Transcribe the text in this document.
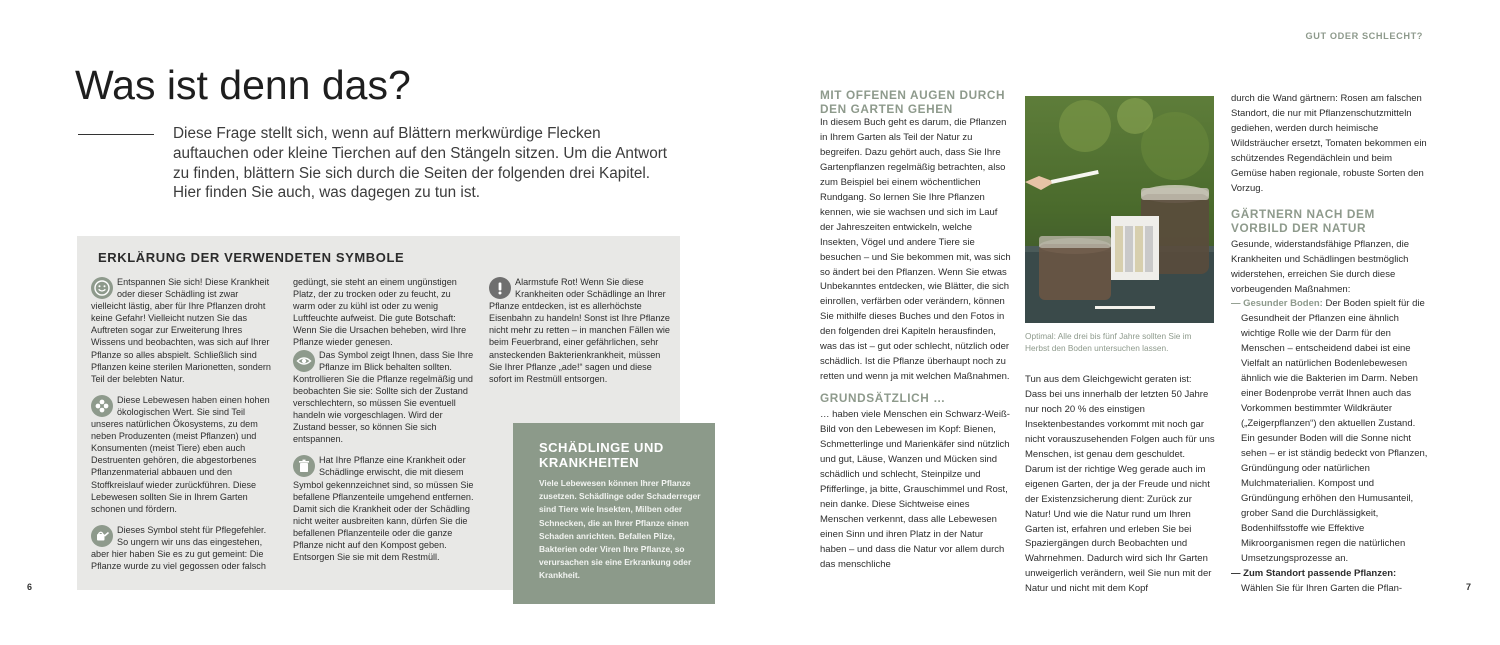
Was ist denn das?

Diese Frage stellt sich, wenn auf Blättern merkwürdige Flecken auftauchen oder kleine Tierchen auf den Stängeln sitzen. Um die Antwort zu finden, blättern Sie sich durch die Seiten der folgenden drei Kapitel. Hier finden Sie auch, was dagegen zu tun ist.

ERKLÄRUNG DER VERWENDETEN SYMBOLE

Entspannen Sie sich! Diese Krankheit oder dieser Schädling ist zwar vielleicht lästig, aber für Ihre Pflanzen droht keine Gefahr! Vielleicht nutzen Sie das Auftreten sogar zur Erweiterung Ihres Wissens und beobachten, was sich auf Ihrer Pflanze so alles abspielt. Schließlich sind Pflanzen keine sterilen Marionetten, sondern Teil der belebten Natur.

Diese Lebewesen haben einen hohen ökologischen Wert. Sie sind Teil unseres natürlichen Ökosystems, zu dem neben Produzenten (meist Pflanzen) und Konsumenten (meist Tiere) eben auch Destruenten gehören, die abgestorbenes Pflanzenmaterial abbauen und den Stoffkreislauf wieder zurückführen. Diese Lebewesen sollten Sie in Ihrem Garten schonen und fördern.

Dieses Symbol steht für Pflegefehler. So ungern wir uns das eingestehen, aber hier haben Sie es zu gut gemeint: Die Pflanze wurde zu viel gegossen oder falsch

gedüngt, sie steht an einem ungünstigen Platz, der zu trocken oder zu feucht, zu warm oder zu kühl ist oder zu wenig Luftfeuchte aufweist. Die gute Botschaft: Wenn Sie die Ursachen beheben, wird Ihre Pflanze wieder genesen.

Das Symbol zeigt Ihnen, dass Sie Ihre Pflanze im Blick behalten sollten. Kontrollieren Sie die Pflanze regelmäßig und beobachten Sie sie: Sollte sich der Zustand verschlechtern, so müssen Sie eventuell handeln wie vorgeschlagen. Wird der Zustand besser, so können Sie sich entspannen.

Hat Ihre Pflanze eine Krankheit oder Schädlinge erwischt, die mit diesem Symbol gekennzeichnet sind, so müssen Sie befallene Pflanzenteile umgehend entfernen. Damit sich die Krankheit oder der Schädling nicht weiter ausbreiten kann, dürfen Sie die befallenen Pflanzenteile oder die ganze Pflanze nicht auf den Kompost geben. Entsorgen Sie sie mit dem Restmüll.

Alarmstufe Rot! Wenn Sie diese Krankheiten oder Schädlinge an Ihrer Pflanze entdecken, ist es allerhöchste Eisenbahn zu handeln! Sonst ist Ihre Pflanze nicht mehr zu retten – in manchen Fällen wie beim Feuerbrand, einer gefährlichen, sehr ansteckenden Bakterienkrankheit, müssen Sie Ihrer Pflanze „ade!“ sagen und diese sofort im Restmüll entsorgen.

SCHÄDLINGE UND KRANKHEITEN

Viele Lebewesen können Ihrer Pflanze zusetzen. Schädlinge oder Schaderreger sind Tiere wie Insekten, Milben oder Schnecken, die an Ihrer Pflanze einen Schaden anrichten. Befallen Pilze, Bakterien oder Viren Ihre Pflanze, so verursachen sie eine Erkrankung oder Krankheit.

6
GUT ODER SCHLECHT?
MIT OFFENEN AUGEN DURCH DEN GARTEN GEHEN

In diesem Buch geht es darum, die Pflanzen in Ihrem Garten als Teil der Natur zu begreifen. Dazu gehört auch, dass Sie Ihre Gartenpflanzen regelmäßig betrachten, also zum Beispiel bei einem wöchentlichen Rundgang. So lernen Sie Ihre Pflanzen kennen, wie sie wachsen und sich im Lauf der Jahreszeiten entwickeln, welche Insekten, Vögel und andere Tiere sie besuchen – und Sie bekommen mit, was sich so ändert bei den Pflanzen. Wenn Sie etwas Unbekanntes entdecken, wie Blätter, die sich einrollen, verfärben oder verändern, können Sie mithilfe dieses Buches und den Fotos in den folgenden drei Kapiteln herausfinden, was das ist – gut oder schlecht, nützlich oder schädlich. Ist die Pflanze überhaupt noch zu retten und wenn ja mit welchen Maßnahmen.

GRUNDSÄTZLICH …

… haben viele Menschen ein Schwarz-Weiß-Bild von den Lebewesen im Kopf: Bienen, Schmetterlinge und Marienkäfer sind nützlich und gut, Läuse, Wanzen und Mücken sind schädlich und schlecht, Steinpilze und Pfifferlinge, ja bitte, Grauschimmel und Rost, nein danke. Diese Sichtweise eines Menschen verkennt, dass alle Lebewesen einen Sinn und ihren Platz in der Natur haben – und dass die Natur vor allem durch das menschliche

Optimal: Alle drei bis fünf Jahre sollten Sie im Herbst den Boden untersuchen lassen.

Tun aus dem Gleichgewicht geraten ist: Dass bei uns innerhalb der letzten 50 Jahre nur noch 20 % des einstigen Insektenbestandes vorkommt mit noch gar nicht vorauszusehenden Folgen auch für uns Menschen, ist genau dem geschuldet. Darum ist der richtige Weg gerade auch im eigenen Garten, der ja der Freude und nicht der Existenzsicherung dient: Zurück zur Natur! Und wie die Natur rund um Ihren Garten ist, erfahren und erleben Sie bei Spaziergängen durch Beobachten und Wahrnehmen. Dadurch wird sich Ihr Garten unweigerlich verändern, weil Sie nun mit der Natur und nicht mit dem Kopf

durch die Wand gärtnern: Rosen am falschen Standort, die nur mit Pflanzenschutzmitteln gediehen, werden durch heimische Wildsträucher ersetzt, Tomaten bekommen ein schützendes Regendächlein und beim Gemüse haben regionale, robuste Sorten den Vorzug.

GÄRTNERN NACH DEM VORBILD DER NATUR

Gesunde, widerstandsfähige Pflanzen, die Krankheiten und Schädlingen bestmöglich widerstehen, erreichen Sie durch diese vorbeugenden Maßnahmen:

— Gesunder Boden: Der Boden spielt für die Gesundheit der Pflanzen eine ähnlich wichtige Rolle wie der Darm für den Menschen – entscheidend dabei ist eine Vielfalt an natürlichen Bodenlebewesen ähnlich wie die Bakterien im Darm. Neben einer Bodenprobe verrät Ihnen auch das Vorkommen bestimmter Wildkräuter („Zeigerpflanzen“) den aktuellen Zustand. Ein gesunder Boden will die Sonne nicht sehen – er ist ständig bedeckt von Pflanzen, Gründüngung oder natürlichen Mulchmaterialien. Kompost und Gründüngung erhöhen den Humusanteil, grober Sand die Durchlässigkeit, Bodenhilfsstoffe wie Effektive Mikroorganismen regen die natürlichen Umsetzungsprozesse an.

— Zum Standort passende Pflanzen: Wählen Sie für Ihren Garten die Pflan-	7
